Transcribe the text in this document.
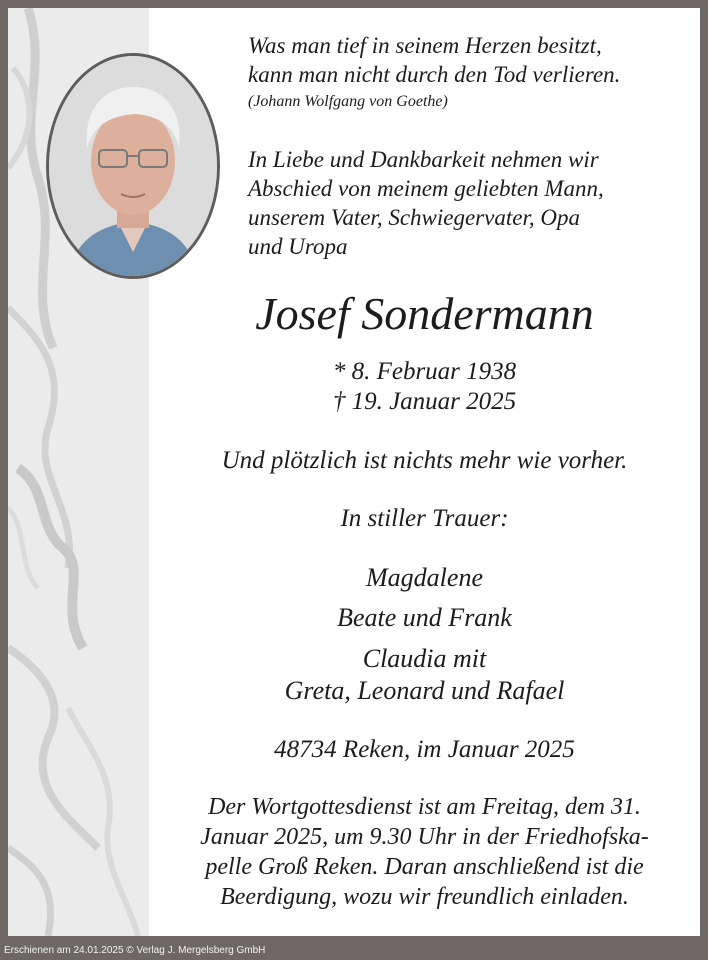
Was man tief in seinem Herzen besitzt,
kann man nicht durch den Tod verlieren.
(Johann Wolfgang von Goethe)
In Liebe und Dankbarkeit nehmen wir
Abschied von meinem geliebten Mann,
unserem Vater, Schwiegervater, Opa
und Uropa
Josef Sondermann
* 8. Februar 1938
† 19. Januar 2025
Und plötzlich ist nichts mehr wie vorher.
In stiller Trauer:
Magdalene
Beate und Frank
Claudia mit
Greta, Leonard und Rafael
48734 Reken, im Januar 2025
Der Wortgottesdienst ist am Freitag, dem 31.
Januar 2025, um 9.30 Uhr in der Friedhofska-
pelle Groß Reken. Daran anschließend ist die
Beerdigung, wozu wir freundlich einladen.
Erschienen am 24.01.2025 © Verlag J. Mergelsberg GmbH
